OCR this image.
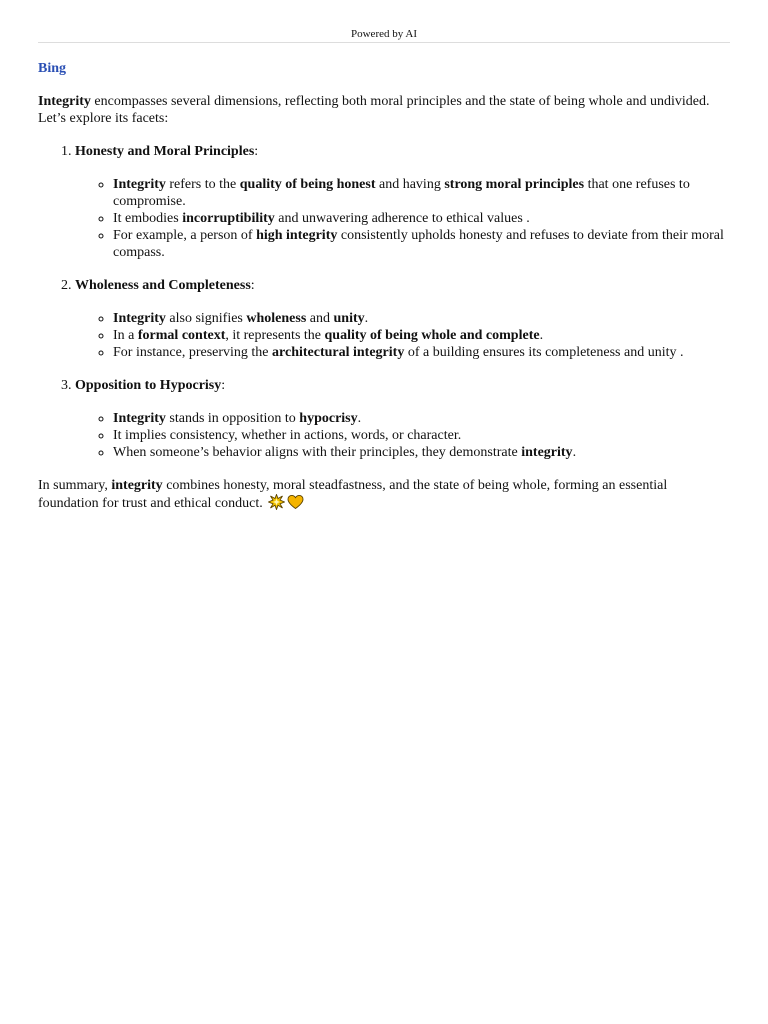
Powered by AI
Bing

Integrity encompasses several dimensions, reflecting both moral principles and the state of being whole and undivided. Let’s explore its facets:

1. Honesty and Moral Principles:
◦ Integrity refers to the quality of being honest and having strong moral principles that one refuses to compromise.
◦ It embodies incorruptibility and unwavering adherence to ethical values .
◦ For example, a person of high integrity consistently upholds honesty and refuses to deviate from their moral compass.
2. Wholeness and Completeness:
◦ Integrity also signifies wholeness and unity.
◦ In a formal context, it represents the quality of being whole and complete.
◦ For instance, preserving the architectural integrity of a building ensures its completeness and unity .
3. Opposition to Hypocrisy:
◦ Integrity stands in opposition to hypocrisy.
◦ It implies consistency, whether in actions, words, or character.
◦ When someone’s behavior aligns with their principles, they demonstrate integrity.

In summary, integrity combines honesty, moral steadfastness, and the state of being whole, forming an essential foundation for trust and ethical conduct.
